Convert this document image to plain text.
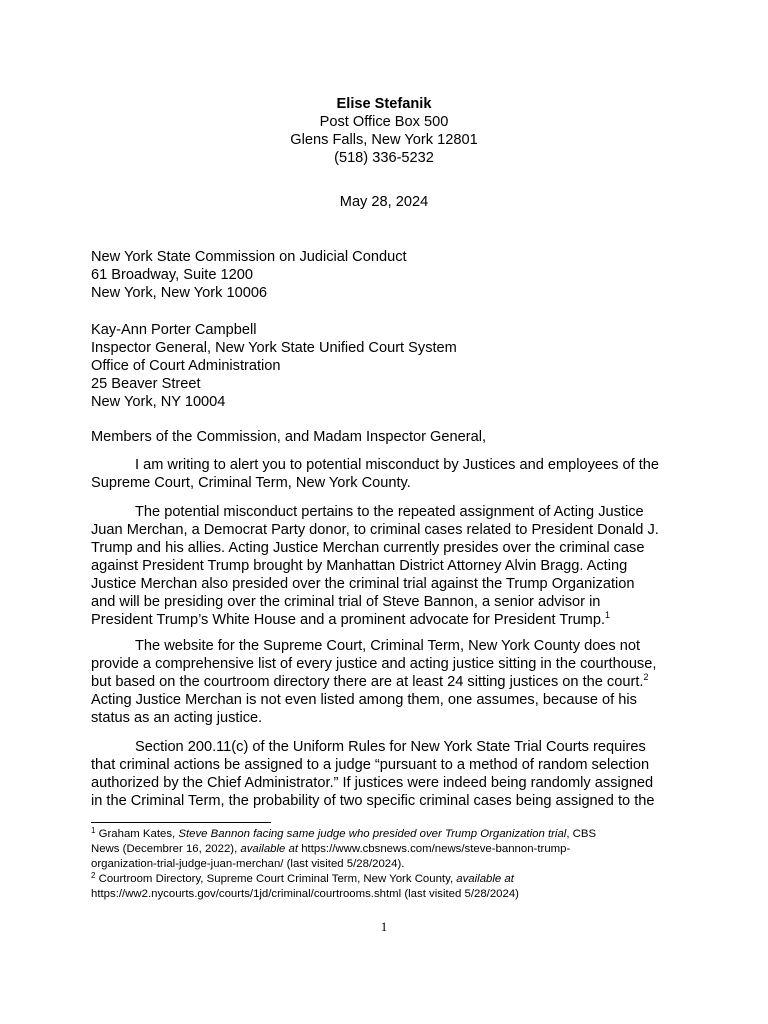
Elise Stefanik
Post Office Box 500
Glens Falls, New York 12801
(518) 336-5232
May 28, 2024
New York State Commission on Judicial Conduct
61 Broadway, Suite 1200
New York, New York 10006
Kay-Ann Porter Campbell
Inspector General, New York State Unified Court System
Office of Court Administration
25 Beaver Street
New York, NY 10004
Members of the Commission, and Madam Inspector General,
I am writing to alert you to potential misconduct by Justices and employees of the
Supreme Court, Criminal Term, New York County.
The potential misconduct pertains to the repeated assignment of Acting Justice
Juan Merchan, a Democrat Party donor, to criminal cases related to President Donald J.
Trump and his allies. Acting Justice Merchan currently presides over the criminal case
against President Trump brought by Manhattan District Attorney Alvin Bragg. Acting
Justice Merchan also presided over the criminal trial against the Trump Organization
and will be presiding over the criminal trial of Steve Bannon, a senior advisor in
President Trump’s White House and a prominent advocate for President Trump.$^1$
The website for the Supreme Court, Criminal Term, New York County does not
provide a comprehensive list of every justice and acting justice sitting in the courthouse,
but based on the courtroom directory there are at least 24 sitting justices on the court.$^2$
Acting Justice Merchan is not even listed among them, one assumes, because of his
status as an acting justice.
Section 200.11(c) of the Uniform Rules for New York State Trial Courts requires
that criminal actions be assigned to a judge “pursuant to a method of random selection
authorized by the Chief Administrator.” If justices were indeed being randomly assigned
in the Criminal Term, the probability of two specific criminal cases being assigned to the
$^1$ Graham Kates, Steve Bannon facing same judge who presided over Trump Organization trial, CBS
News (Decembrer 16, 2022), available at https://www.cbsnews.com/news/steve-bannon-trump-
organization-trial-judge-juan-merchan/ (last visited 5/28/2024).
$^2$ Courtroom Directory, Supreme Court Criminal Term, New York County, available at
https://ww2.nycourts.gov/courts/1jd/criminal/courtrooms.shtml (last visited 5/28/2024)
1
